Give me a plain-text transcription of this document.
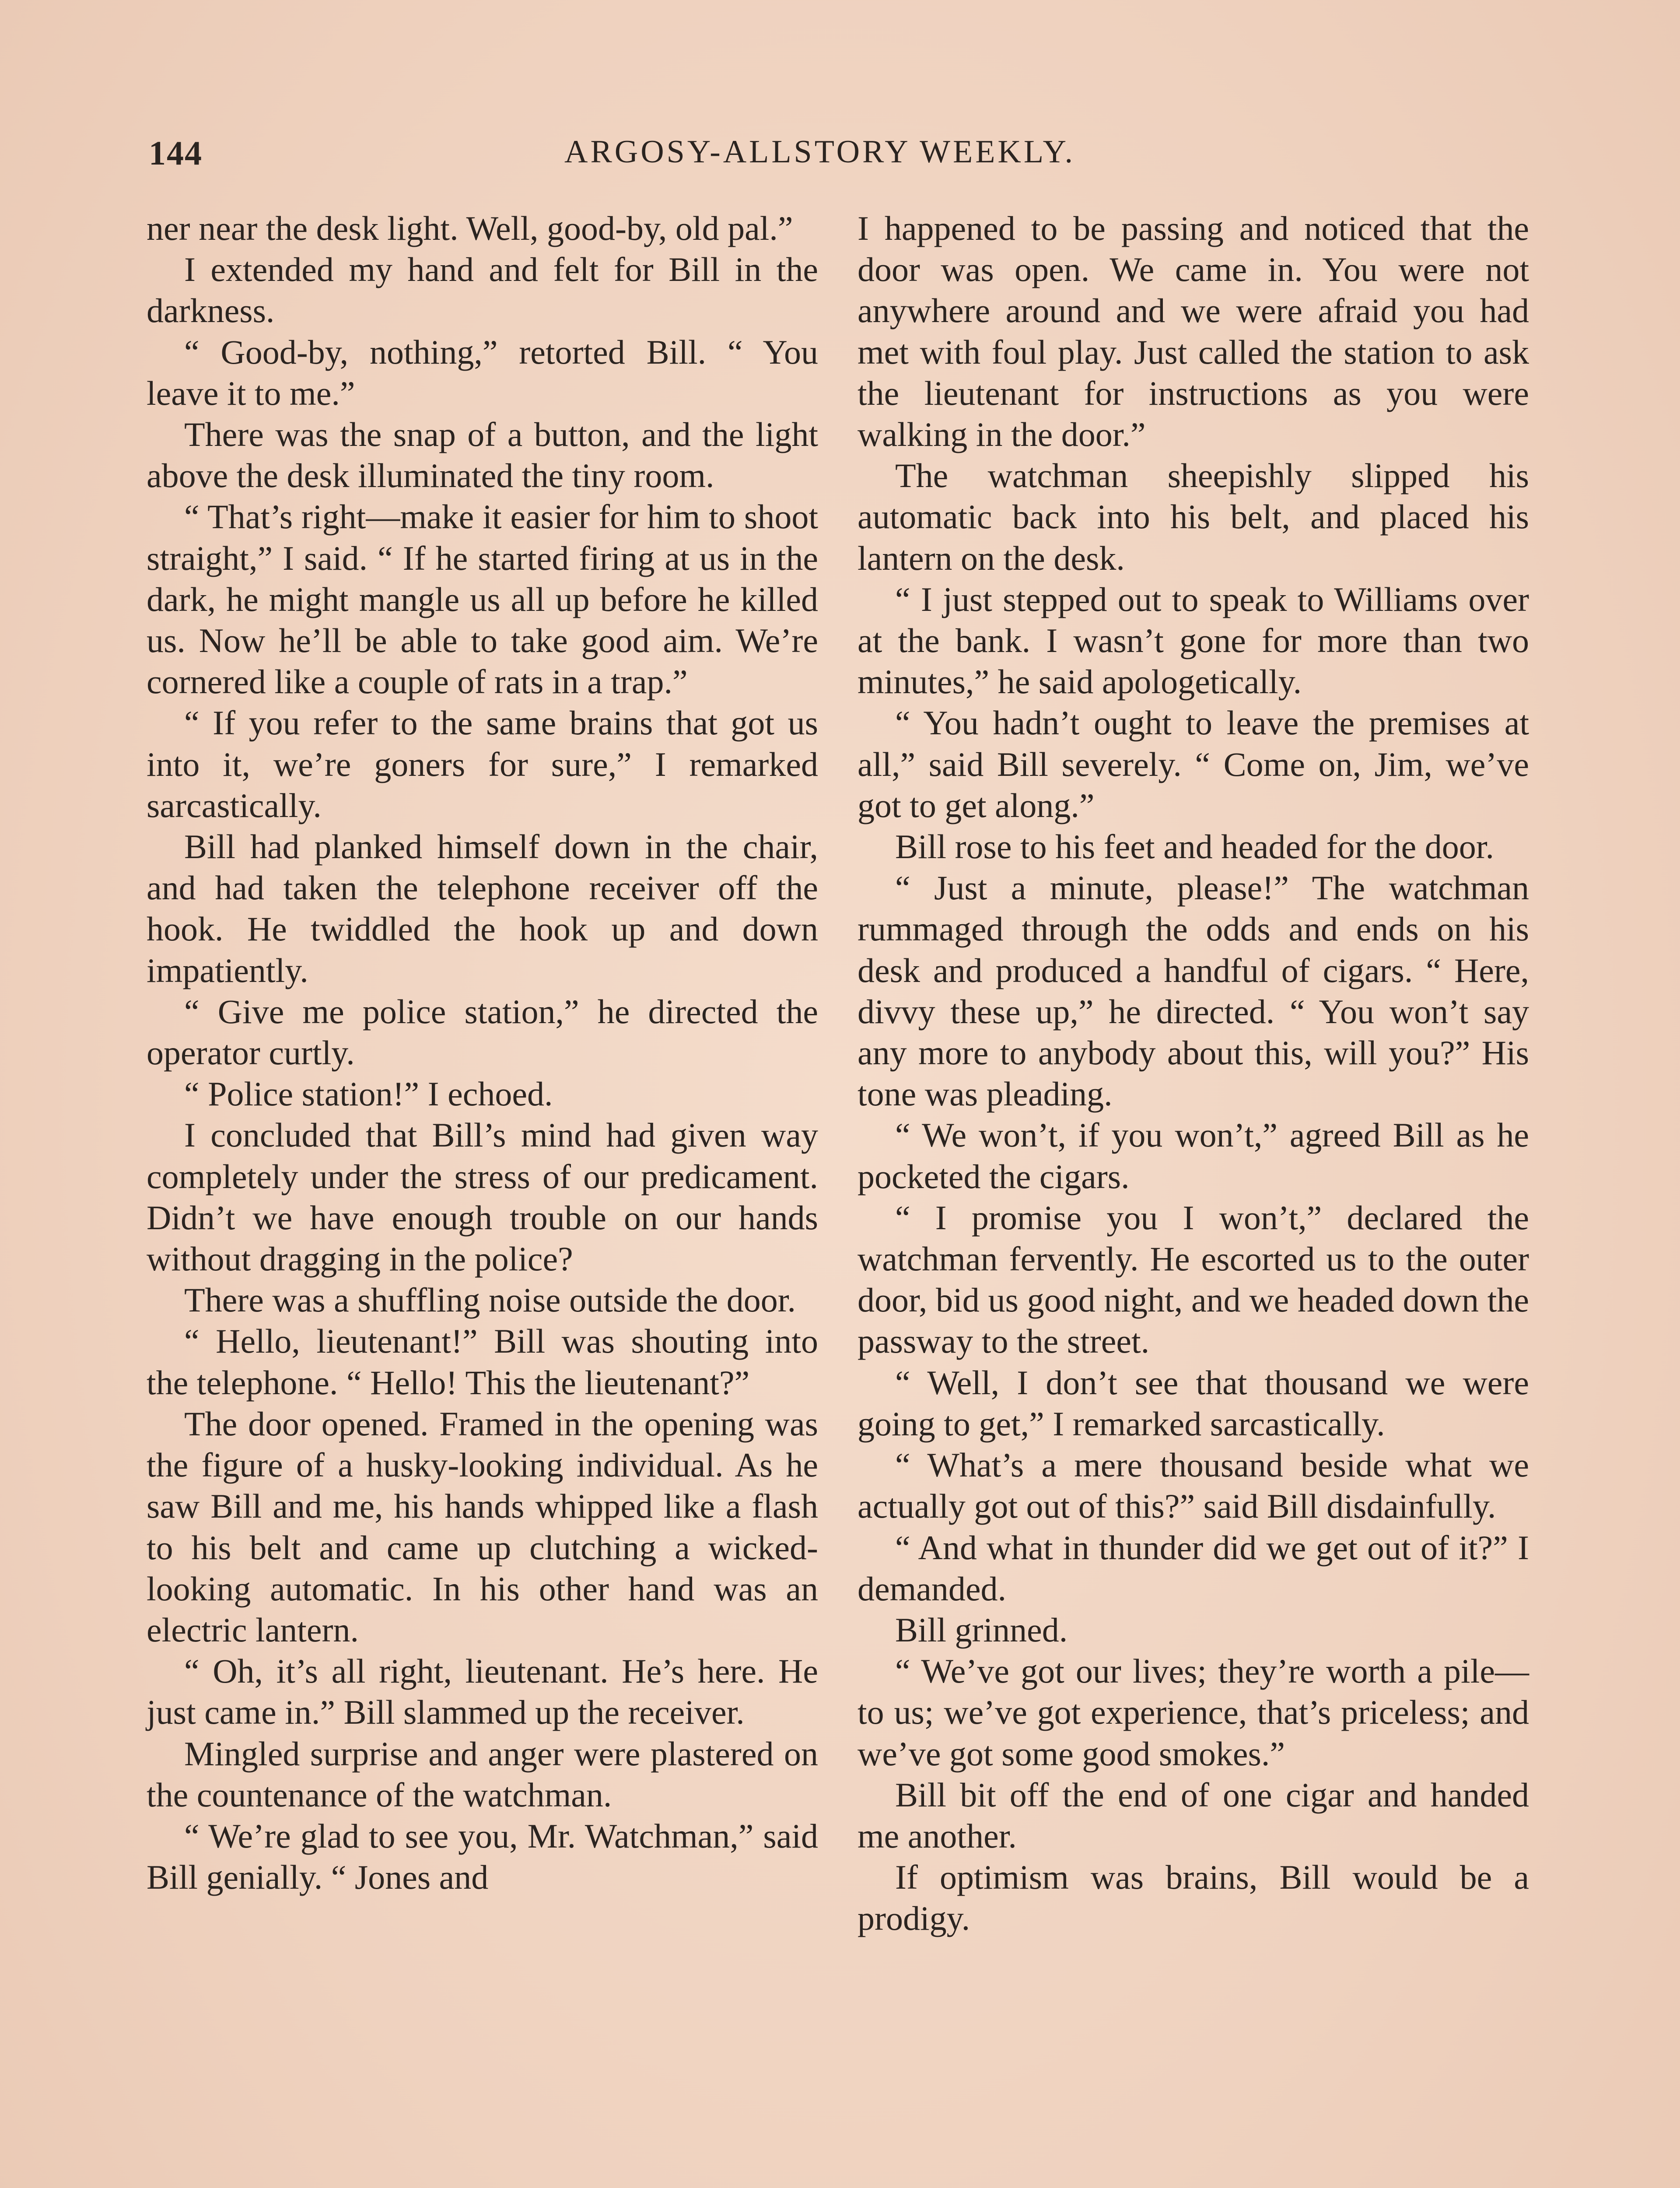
144	ARGOSY-ALLSTORY WEEKLY.

ner near the desk light. Well, good-by, old pal.”

I extended my hand and felt for Bill in the darkness.

“ Good-by, nothing,” retorted Bill. “ You leave it to me.”

There was the snap of a button, and the light above the desk illuminated the tiny room.

“ That’s right—make it easier for him to shoot straight,” I said. “ If he started firing at us in the dark, he might mangle us all up before he killed us. Now he’ll be able to take good aim. We’re cornered like a couple of rats in a trap.”

“ If you refer to the same brains that got us into it, we’re goners for sure,” I remarked sarcastically.

Bill had planked himself down in the chair, and had taken the telephone receiver off the hook. He twiddled the hook up and down impatiently.

“ Give me police station,” he directed the operator curtly.

“ Police station!” I echoed.

I concluded that Bill’s mind had given way completely under the stress of our predicament. Didn’t we have enough trouble on our hands without dragging in the police?

There was a shuffling noise outside the door.

“ Hello, lieutenant!” Bill was shouting into the telephone. “ Hello! This the lieutenant?”

The door opened. Framed in the opening was the figure of a husky-looking individual. As he saw Bill and me, his hands whipped like a flash to his belt and came up clutching a wicked-looking automatic. In his other hand was an electric lantern.

“ Oh, it’s all right, lieutenant. He’s here. He just came in.” Bill slammed up the receiver.

Mingled surprise and anger were plastered on the countenance of the watchman.

“ We’re glad to see you, Mr. Watchman,” said Bill genially. “ Jones and

I happened to be passing and noticed that the door was open. We came in. You were not anywhere around and we were afraid you had met with foul play. Just called the station to ask the lieutenant for instructions as you were walking in the door.”

The watchman sheepishly slipped his automatic back into his belt, and placed his lantern on the desk.

“ I just stepped out to speak to Williams over at the bank. I wasn’t gone for more than two minutes,” he said apologetically.

“ You hadn’t ought to leave the premises at all,” said Bill severely. “ Come on, Jim, we’ve got to get along.”

Bill rose to his feet and headed for the door.

“ Just a minute, please!” The watchman rummaged through the odds and ends on his desk and produced a handful of cigars. “ Here, divvy these up,” he directed. “ You won’t say any more to anybody about this, will you?” His tone was pleading.

“ We won’t, if you won’t,” agreed Bill as he pocketed the cigars.

“ I promise you I won’t,” declared the watchman fervently. He escorted us to the outer door, bid us good night, and we headed down the passway to the street.

“ Well, I don’t see that thousand we were going to get,” I remarked sarcastically.

“ What’s a mere thousand beside what we actually got out of this?” said Bill disdainfully.

“ And what in thunder did we get out of it?” I demanded.

Bill grinned.

“ We’ve got our lives; they’re worth a pile—to us; we’ve got experience, that’s priceless; and we’ve got some good smokes.”

Bill bit off the end of one cigar and handed me another.

If optimism was brains, Bill would be a prodigy.
